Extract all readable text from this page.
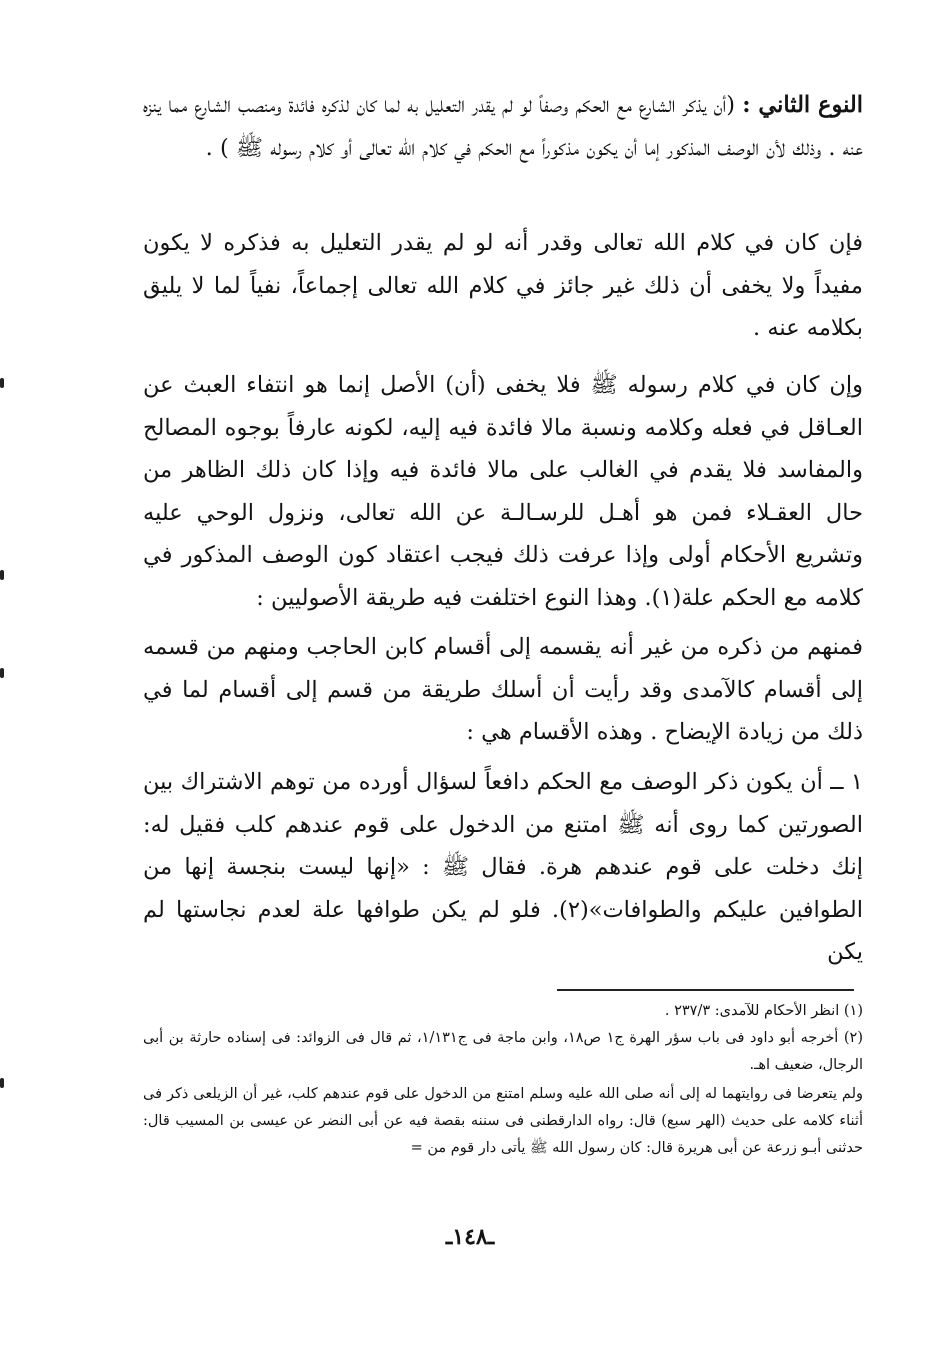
النوع الثاني : (أن يذكر الشارع مع الحكم وصفاً لو لم يقدر التعليل به لما كان لذكره فائدة ومنصب الشارع مما ينزه عنه . وذلك لأن الوصف المذكور إما أن يكون مذكوراً مع الحكم في كلام الله تعالى أو كلام رسوله ﷺ ) .

فإن كان في كلام الله تعالى وقدر أنه لو لم يقدر التعليل به فذكره لا يكون مفيداً ولا يخفى أن ذلك غير جائز في كلام الله تعالى إجماعاً، نفياً لما لا يليق بكلامه عنه .

وإن كان في كلام رسوله ﷺ فلا يخفى (أن) الأصل إنما هو انتفاء العبث عن العـاقل في فعله وكلامه ونسبة مالا فائدة فيه إليه، لكونه عارفاً بوجوه المصالح والمفاسد فلا يقدم في الغالب على مالا فائدة فيه وإذا كان ذلك الظاهر من حال العقـلاء فمن هو أهـل للرسـالـة عن الله تعالى، ونزول الوحي عليه وتشريع الأحكام أولى وإذا عرفت ذلك فيجب اعتقاد كون الوصف المذكور في كلامه مع الحكم علة(١). وهذا النوع اختلفت فيه طريقة الأصوليين :

فمنهم من ذكره من غير أنه يقسمه إلى أقسام كابن الحاجب ومنهم من قسمه إلى أقسام كالآمدى وقد رأيت أن أسلك طريقة من قسم إلى أقسام لما في ذلك من زيادة الإيضاح . وهذه الأقسام هي :

١ ــ أن يكون ذكر الوصف مع الحكم دافعاً لسؤال أورده من توهم الاشتراك بين الصورتين كما روى أنه ﷺ امتنع من الدخول على قوم عندهم كلب فقيل له: إنك دخلت على قوم عندهم هرة. فقال ﷺ : «إنها ليست بنجسة إنها من الطوافين عليكم والطوافات»(٢). فلو لم يكن طوافها علة لعدم نجاستها لم يكن

(١) انظر الأحكام للآمدى: ٢٣٧/٣ .

(٢) أخرجه أبو داود فى باب سؤر الهرة ج١ ص١٨، وابن ماجة فى ج١/١٣١، ثم قال فى الزوائد: فى إسناده حارثة بن أبى الرجال، ضعيف اهـ.

ولم يتعرضا فى روايتهما له إلى أنه صلى الله عليه وسلم امتنع من الدخول على قوم عندهم كلب، غير أن الزيلعى ذكر فى أثناء كلامه على حديث (الهر سبع) قال: رواه الدارقطنى فى سننه بقصة فيه عن أبى النضر عن عيسى بن المسيب قال: حدثنى أبـو زرعة عن أبى هريرة قال: كان رسول الله ﷺ يأتى دار قوم من =

ـ١٤٨ـ
